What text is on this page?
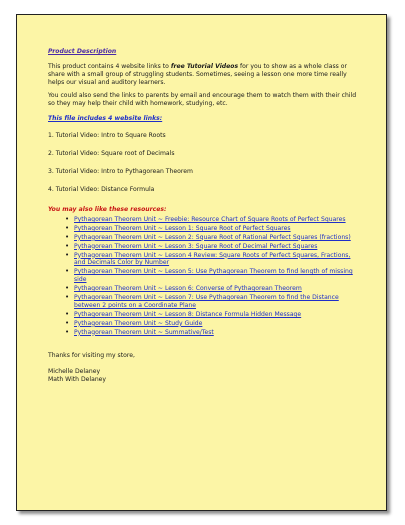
Product Description

This product contains 4 website links to free Tutorial Videos for you to show as a whole class or share with a small group of struggling students. Sometimes, seeing a lesson one more time really helps our visual and auditory learners.

You could also send the links to parents by email and encourage them to watch them with their child so they may help their child with homework, studying, etc.

This file includes 4 website links:

1. Tutorial Video: Intro to Square Roots

2. Tutorial Video: Square root of Decimals

3. Tutorial Video: Intro to Pythagorean Theorem

4. Tutorial Video: Distance Formula

You may also like these resources:

• Pythagorean Theorem Unit ~ Freebie: Resource Chart of Square Roots of Perfect Squares
• Pythagorean Theorem Unit ~ Lesson 1: Square Root of Perfect Squares
• Pythagorean Theorem Unit ~ Lesson 2: Square Root of Rational Perfect Squares (fractions)
• Pythagorean Theorem Unit ~ Lesson 3: Square Root of Decimal Perfect Squares
• Pythagorean Theorem Unit ~ Lesson 4 Review: Square Roots of Perfect Squares, Fractions, and Decimals Color by Number
• Pythagorean Theorem Unit ~ Lesson 5: Use Pythagorean Theorem to find length of missing side
• Pythagorean Theorem Unit ~ Lesson 6: Converse of Pythagorean Theorem
• Pythagorean Theorem Unit ~ Lesson 7: Use Pythagorean Theorem to find the Distance between 2 points on a Coordinate Plane
• Pythagorean Theorem Unit ~ Lesson 8: Distance Formula Hidden Message
• Pythagorean Theorem Unit ~ Study Guide
• Pythagorean Theorem Unit ~ Summative/Test

Thanks for visiting my store,

Michelle Delaney

Math With Delaney
